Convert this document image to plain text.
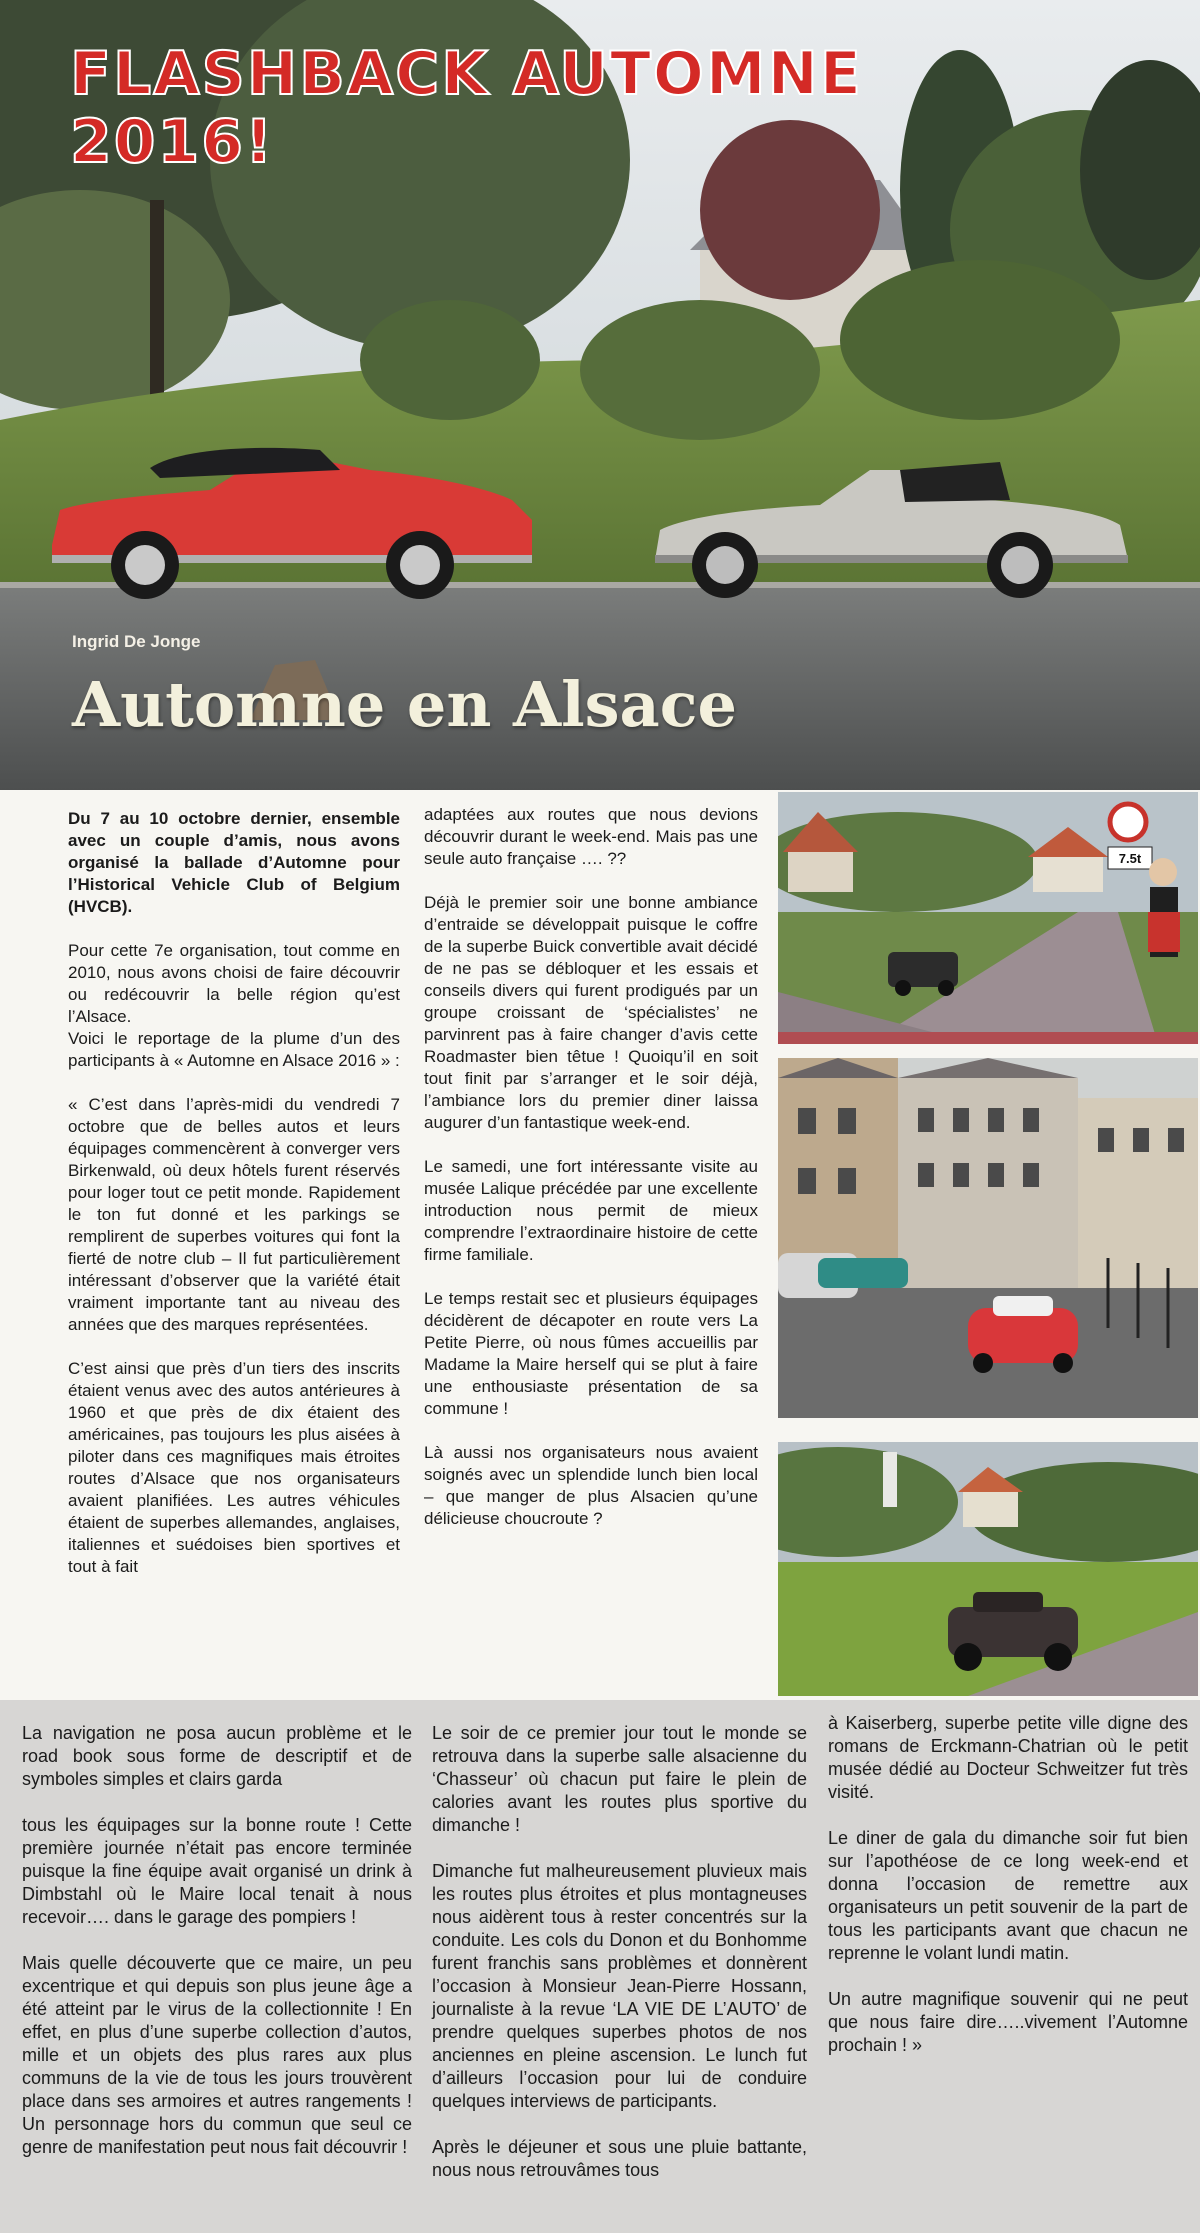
FLASHBACK AUTOMNE
2016!
Ingrid De Jonge
Automne en Alsace

Du 7 au 10 octobre dernier, ensemble avec un couple d’amis, nous avons organisé la ballade d’Automne pour l’Historical Vehicle Club of Belgium (HVCB).

Pour cette 7e organisation, tout comme en 2010, nous avons choisi de faire découvrir ou redécouvrir la belle région qu’est l’Alsace.
Voici le reportage de la plume d’un des participants à « Automne en Alsace 2016 » :

« C’est dans l’après-midi du vendredi 7 octobre que de belles autos et leurs équipages commencèrent à converger vers Birkenwald, où deux hôtels furent réservés pour loger tout ce petit monde. Rapidement le ton fut donné et les parkings se remplirent de superbes voitures qui font la fierté de notre club – Il fut particulièrement intéressant d’observer que la variété était vraiment importante tant au niveau des années que des marques représentées.

C’est ainsi que près d’un tiers des inscrits étaient venus avec des autos antérieures à 1960 et que près de dix étaient des américaines, pas toujours les plus aisées à piloter dans ces magnifiques mais étroites routes d’Alsace que nos organisateurs avaient planifiées. Les autres véhicules étaient de superbes allemandes, anglaises, italiennes et suédoises bien sportives et tout à fait

adaptées aux routes que nous devions découvrir durant le week-end. Mais pas une seule auto française …. ??

Déjà le premier soir une bonne ambiance d’entraide se développait puisque le coffre de la superbe Buick convertible avait décidé de ne pas se débloquer et les essais et conseils divers qui furent prodigués par un groupe croissant de ‘spécialistes’ ne parvinrent pas à faire changer d’avis cette Roadmaster bien têtue ! Quoiqu’il en soit tout finit par s’arranger et le soir déjà, l’ambiance lors du premier diner laissa augurer d’un fantastique week-end.

Le samedi, une fort intéressante visite au musée Lalique précédée par une excellente introduction nous permit de mieux comprendre l’extraordinaire histoire de cette firme familiale.

Le temps restait sec et plusieurs équipages décidèrent de décapoter en route vers La Petite Pierre, où nous fûmes accueillis par Madame la Maire herself qui se plut à faire une enthousiaste présentation de sa commune !

Là aussi nos organisateurs nous avaient soignés avec un splendide lunch bien local – que manger de plus Alsacien qu’une délicieuse choucroute ?

7.5t

La navigation ne posa aucun problème et le road book sous forme de descriptif et de symboles simples et clairs garda

tous les équipages sur la bonne route ! Cette première journée n’était pas encore terminée puisque la fine équipe avait organisé un drink à Dimbstahl où le Maire local tenait à nous recevoir…. dans le garage des pompiers !

Mais quelle découverte que ce maire, un peu excentrique et qui depuis son plus jeune âge a été atteint par le virus de la collectionnite ! En effet, en plus d’une superbe collection d’autos, mille et un objets des plus rares aux plus communs de la vie de tous les jours trouvèrent place dans ses armoires et autres rangements ! Un personnage hors du commun que seul ce genre de manifestation peut nous fait découvrir !

Le soir de ce premier jour tout le monde se retrouva dans la superbe salle alsacienne du ‘Chasseur’ où chacun put faire le plein de calories avant les routes plus sportive du dimanche !

Dimanche fut malheureusement pluvieux mais les routes plus étroites et plus montagneuses nous aidèrent tous à rester concentrés sur la conduite. Les cols du Donon et du Bonhomme furent franchis sans problèmes et donnèrent l’occasion à Monsieur Jean-Pierre Hossann, journaliste à la revue ‘LA VIE DE L’AUTO’ de prendre quelques superbes photos de nos anciennes en pleine ascension. Le lunch fut d’ailleurs l’occasion pour lui de conduire quelques interviews de participants.

Après le déjeuner et sous une pluie battante, nous nous retrouvâmes tous

à Kaiserberg, superbe petite ville digne des romans de Erckmann-Chatrian où le petit musée dédié au Docteur Schweitzer fut très visité.

Le diner de gala du dimanche soir fut bien sur l’apothéose de ce long week-end et donna l’occasion de remettre aux organisateurs un petit souvenir de la part de tous les participants avant que chacun ne reprenne le volant lundi matin.

Un autre magnifique souvenir qui ne peut que nous faire dire…..vivement l’Automne prochain ! »
